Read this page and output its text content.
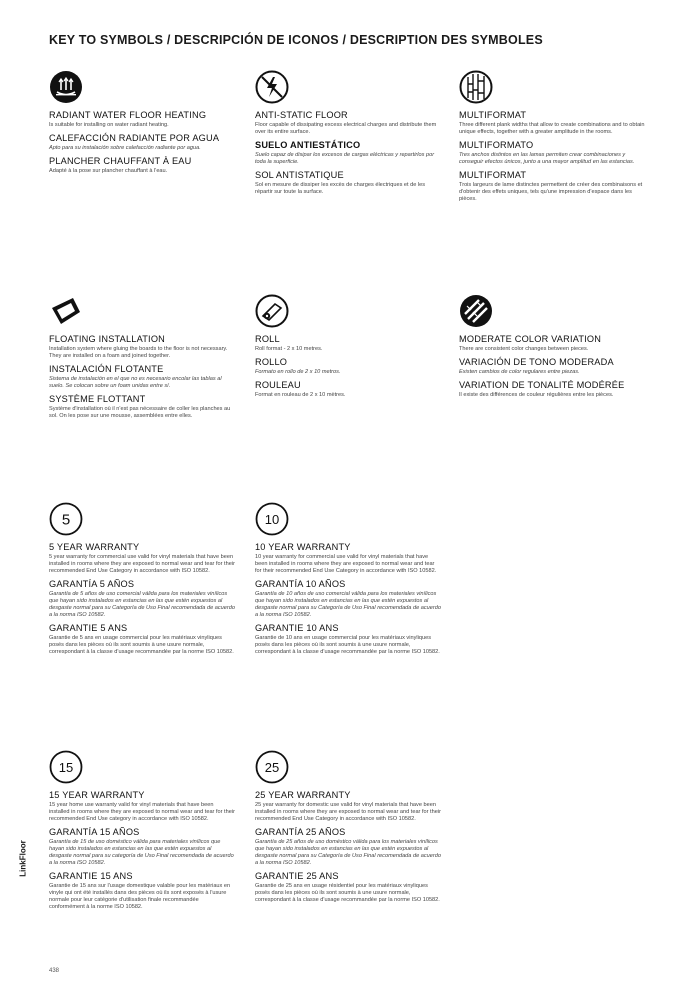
KEY TO SYMBOLS / DESCRIPCIÓN DE ICONOS / DESCRIPTION DES SYMBOLES

RADIANT WATER FLOOR HEATING

Is suitable for installing on water radiant heating.

CALEFACCIÓN RADIANTE POR AGUA

Apto para su instalación sobre calefacción radiante por agua.

PLANCHER CHAUFFANT À EAU

Adapté à la pose sur plancher chauffant à l'eau.

ANTI-STATIC FLOOR

Floor capable of dissipating excess electrical charges and distribute them over its entire surface.

SUELO ANTIESTÁTICO

Suelo capaz de disipar los excesos de cargas eléctricas y repartirlos por toda la superficie.

SOL ANTISTATIQUE

Sol en mesure de dissiper les excès de charges électriques et de les répartir sur toute la surface.

MULTIFORMAT

Three different plank widths that allow to create combinations and to obtain unique effects, together with a greater amplitude in the rooms.

MULTIFORMATO

Tres anchos distintos en las lamas permiten crear combinaciones y conseguir efectos únicos, junto a una mayor amplitud en las estancias.

MULTIFORMAT

Trois largeurs de lame distinctes permettent de créer des combinaisons et d'obtenir des effets uniques, tels qu'une impression d'espace dans les pièces.

FLOATING INSTALLATION

Installation system where gluing the boards to the floor is not necessary. They are installed on a foam and joined together.

INSTALACIÓN FLOTANTE

Sistema de instalación en el que no es necesario encolar las tablas al suelo. Se colocan sobre un foam unidas entre sí.

SYSTÈME FLOTTANT

Système d'installation où il n'est pas nécessaire de coller les planches au sol. On les pose sur une mousse, assemblées entre elles.

ROLL

Roll format - 2 x 10 metres.

ROLLO

Formato en rollo de 2 x 10 metros.

ROULEAU

Format en rouleau de 2 x 10 mètres.

MODERATE COLOR VARIATION

There are consistent color changes between pieces.

VARIACIÓN DE TONO MODERADA

Existen cambios de color regulares entre piezas.

VARIATION DE TONALITÉ MODÉRÉE

Il existe des différences de couleur régulières entre les pièces.

5

5 YEAR WARRANTY

5 year warranty for commercial use valid for vinyl materials that have been installed in rooms where they are exposed to normal wear and tear for their recommended End Use Category in accordance with ISO 10582.

GARANTÍA 5 AÑOS

Garantía de 5 años de uso comercial válida para los materiales vinílicos que hayan sido instalados en estancias en las que estén expuestos al desgaste normal para su Categoría de Uso Final recomendada de acuerdo a la norma ISO 10582.

GARANTIE 5 ANS

Garantie de 5 ans en usage commercial pour les matériaux vinyliques posés dans les pièces où ils sont soumis à une usure normale, correspondant à la classe d'usage recommandée par la norme ISO 10582.

10

10 YEAR WARRANTY

10 year warranty for commercial use valid for vinyl materials that have been installed in rooms where they are exposed to normal wear and tear for their recommended End Use Category in accordance with ISO 10582.

GARANTÍA 10 AÑOS

Garantía de 10 años de uso comercial válida para los materiales vinílicos que hayan sido instalados en estancias en las que estén expuestos al desgaste normal para su Categoría de Uso Final recomendada de acuerdo a la norma ISO 10582.

GARANTIE 10 ANS

Garantie de 10 ans en usage commercial pour les matériaux vinyliques posés dans les pièces où ils sont soumis à une usure normale, correspondant à la classe d'usage recommandée par la norme ISO 10582.

15

15 YEAR WARRANTY

15 year home use warranty valid for vinyl materials that have been installed in rooms where they are exposed to normal wear and tear for their recommended End Use category in accordance with ISO 10582.

GARANTÍA 15 AÑOS

Garantía de 15 de uso doméstico válida para materiales vinílicos que hayan sido instalados en estancias en las que estén expuestos al desgaste normal para su categoría de Uso Final recomendada de acuerdo a la norma ISO 10582.

GARANTIE 15 ANS

Garantie de 15 ans sur l'usage domestique valable pour les matériaux en vinyle qui ont été installés dans des pièces où ils sont exposés à l'usure normale pour leur catégorie d'utilisation finale recommandée conformément à la norme ISO 10582.

25

25 YEAR WARRANTY

25 year warranty for domestic use valid for vinyl materials that have been installed in rooms where they are exposed to normal wear and tear for their recommended End Use Category in accordance with ISO 10582.

GARANTÍA 25 AÑOS

Garantía de 25 años de uso doméstico válida para los materiales vinílicos que hayan sido instalados en estancias en las que estén expuestos al desgaste normal para su Categoría de Uso Final recomendada de acuerdo a la norma ISO 10582.

GARANTIE 25 ANS

Garantie de 25 ans en usage résidentiel pour les matériaux vinyliques posés dans les pièces où ils sont soumis à une usure normale, correspondant à la classe d'usage recommandée par la norme ISO 10582.

LinkFloor
438
